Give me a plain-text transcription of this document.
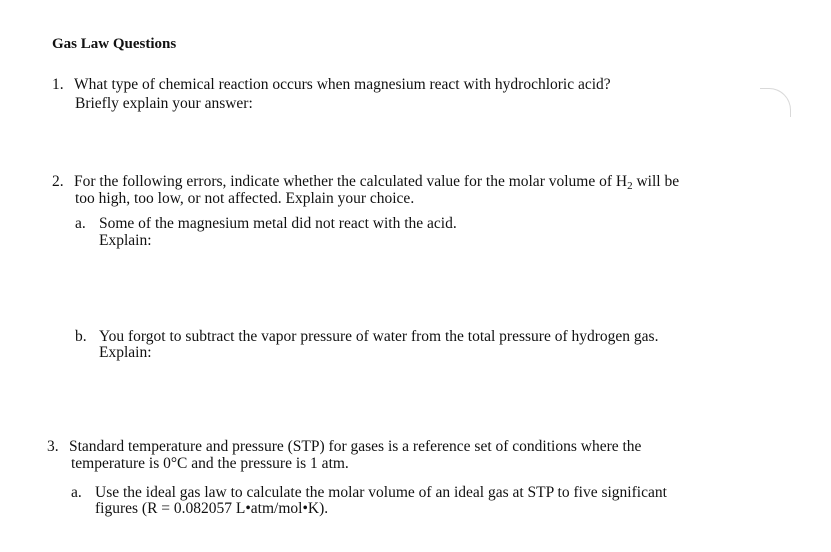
Gas Law Questions
1. What type of chemical reaction occurs when magnesium react with hydrochloric acid?
Briefly explain your answer:
2. For the following errors, indicate whether the calculated value for the molar volume of $H_2$ will be
too high, too low, or not affected. Explain your choice.
a. Some of the magnesium metal did not react with the acid.
Explain:
b. You forgot to subtract the vapor pressure of water from the total pressure of hydrogen gas.
Explain:
3. Standard temperature and pressure (STP) for gases is a reference set of conditions where the
temperature is 0°C and the pressure is 1 atm.
a. Use the ideal gas law to calculate the molar volume of an ideal gas at STP to five significant
figures (R = 0.082057 L•atm/mol•K).
